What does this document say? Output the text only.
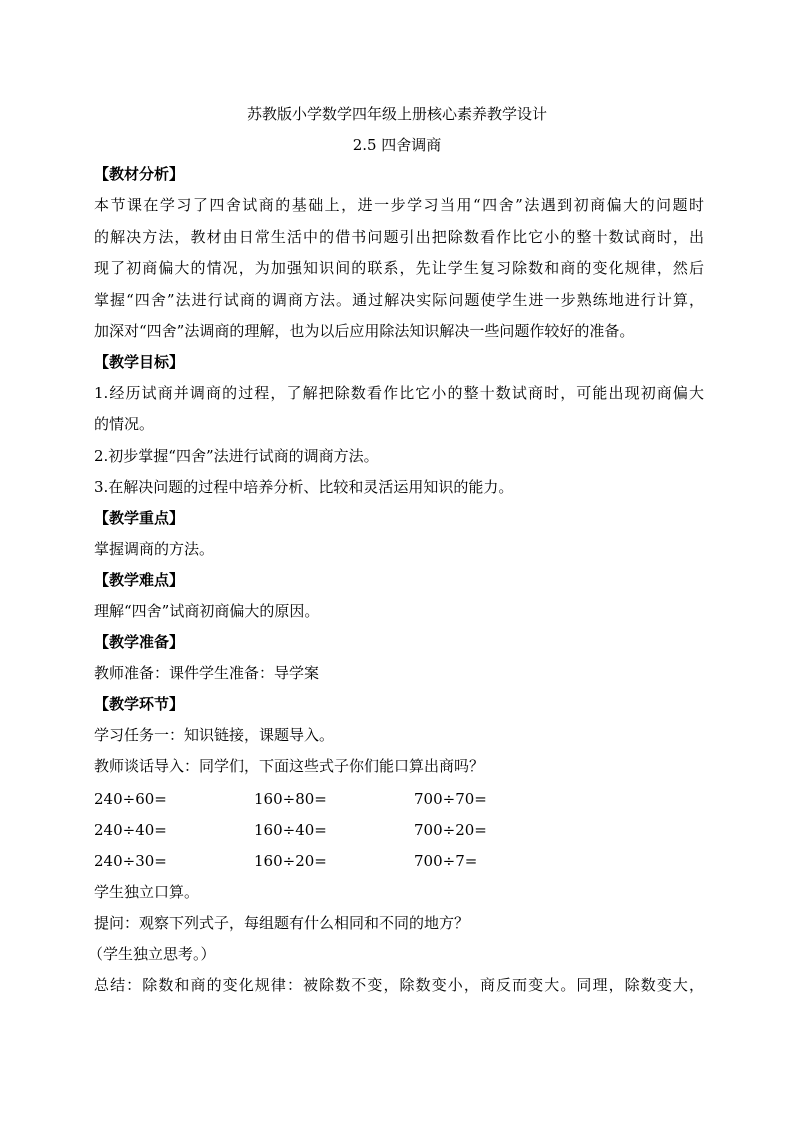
苏教版小学数学四年级上册核心素养教学设计
2.5 四舍调商
【教材分析】
本节课在学习了四舍试商的基础上，进一步学习当用“四舍”法遇到初商偏大的问题时
的解决方法，教材由日常生活中的借书问题引出把除数看作比它小的整十数试商时，出
现了初商偏大的情况，为加强知识间的联系，先让学生复习除数和商的变化规律，然后
掌握“四舍”法进行试商的调商方法。通过解决实际问题使学生进一步熟练地进行计算，
加深对“四舍”法调商的理解，也为以后应用除法知识解决一些问题作较好的准备。
【教学目标】
1.经历试商并调商的过程，了解把除数看作比它小的整十数试商时，可能出现初商偏大
的情况。
2.初步掌握“四舍”法进行试商的调商方法。
3.在解决问题的过程中培养分析、比较和灵活运用知识的能力。
【教学重点】
掌握调商的方法。
【教学难点】
理解“四舍”试商初商偏大的原因。
【教学准备】
教师准备：课件学生准备：导学案
【教学环节】
学习任务一：知识链接，课题导入。
教师谈话导入：同学们，下面这些式子你们能口算出商吗？
240÷60=	160÷80=	700÷70=
240÷40=	160÷40=	700÷20=
240÷30=	160÷20=	700÷7=
学生独立口算。
提问：观察下列式子，每组题有什么相同和不同的地方？
（学生独立思考。）
总结：除数和商的变化规律：被除数不变，除数变小，商反而变大。同理，除数变大，
